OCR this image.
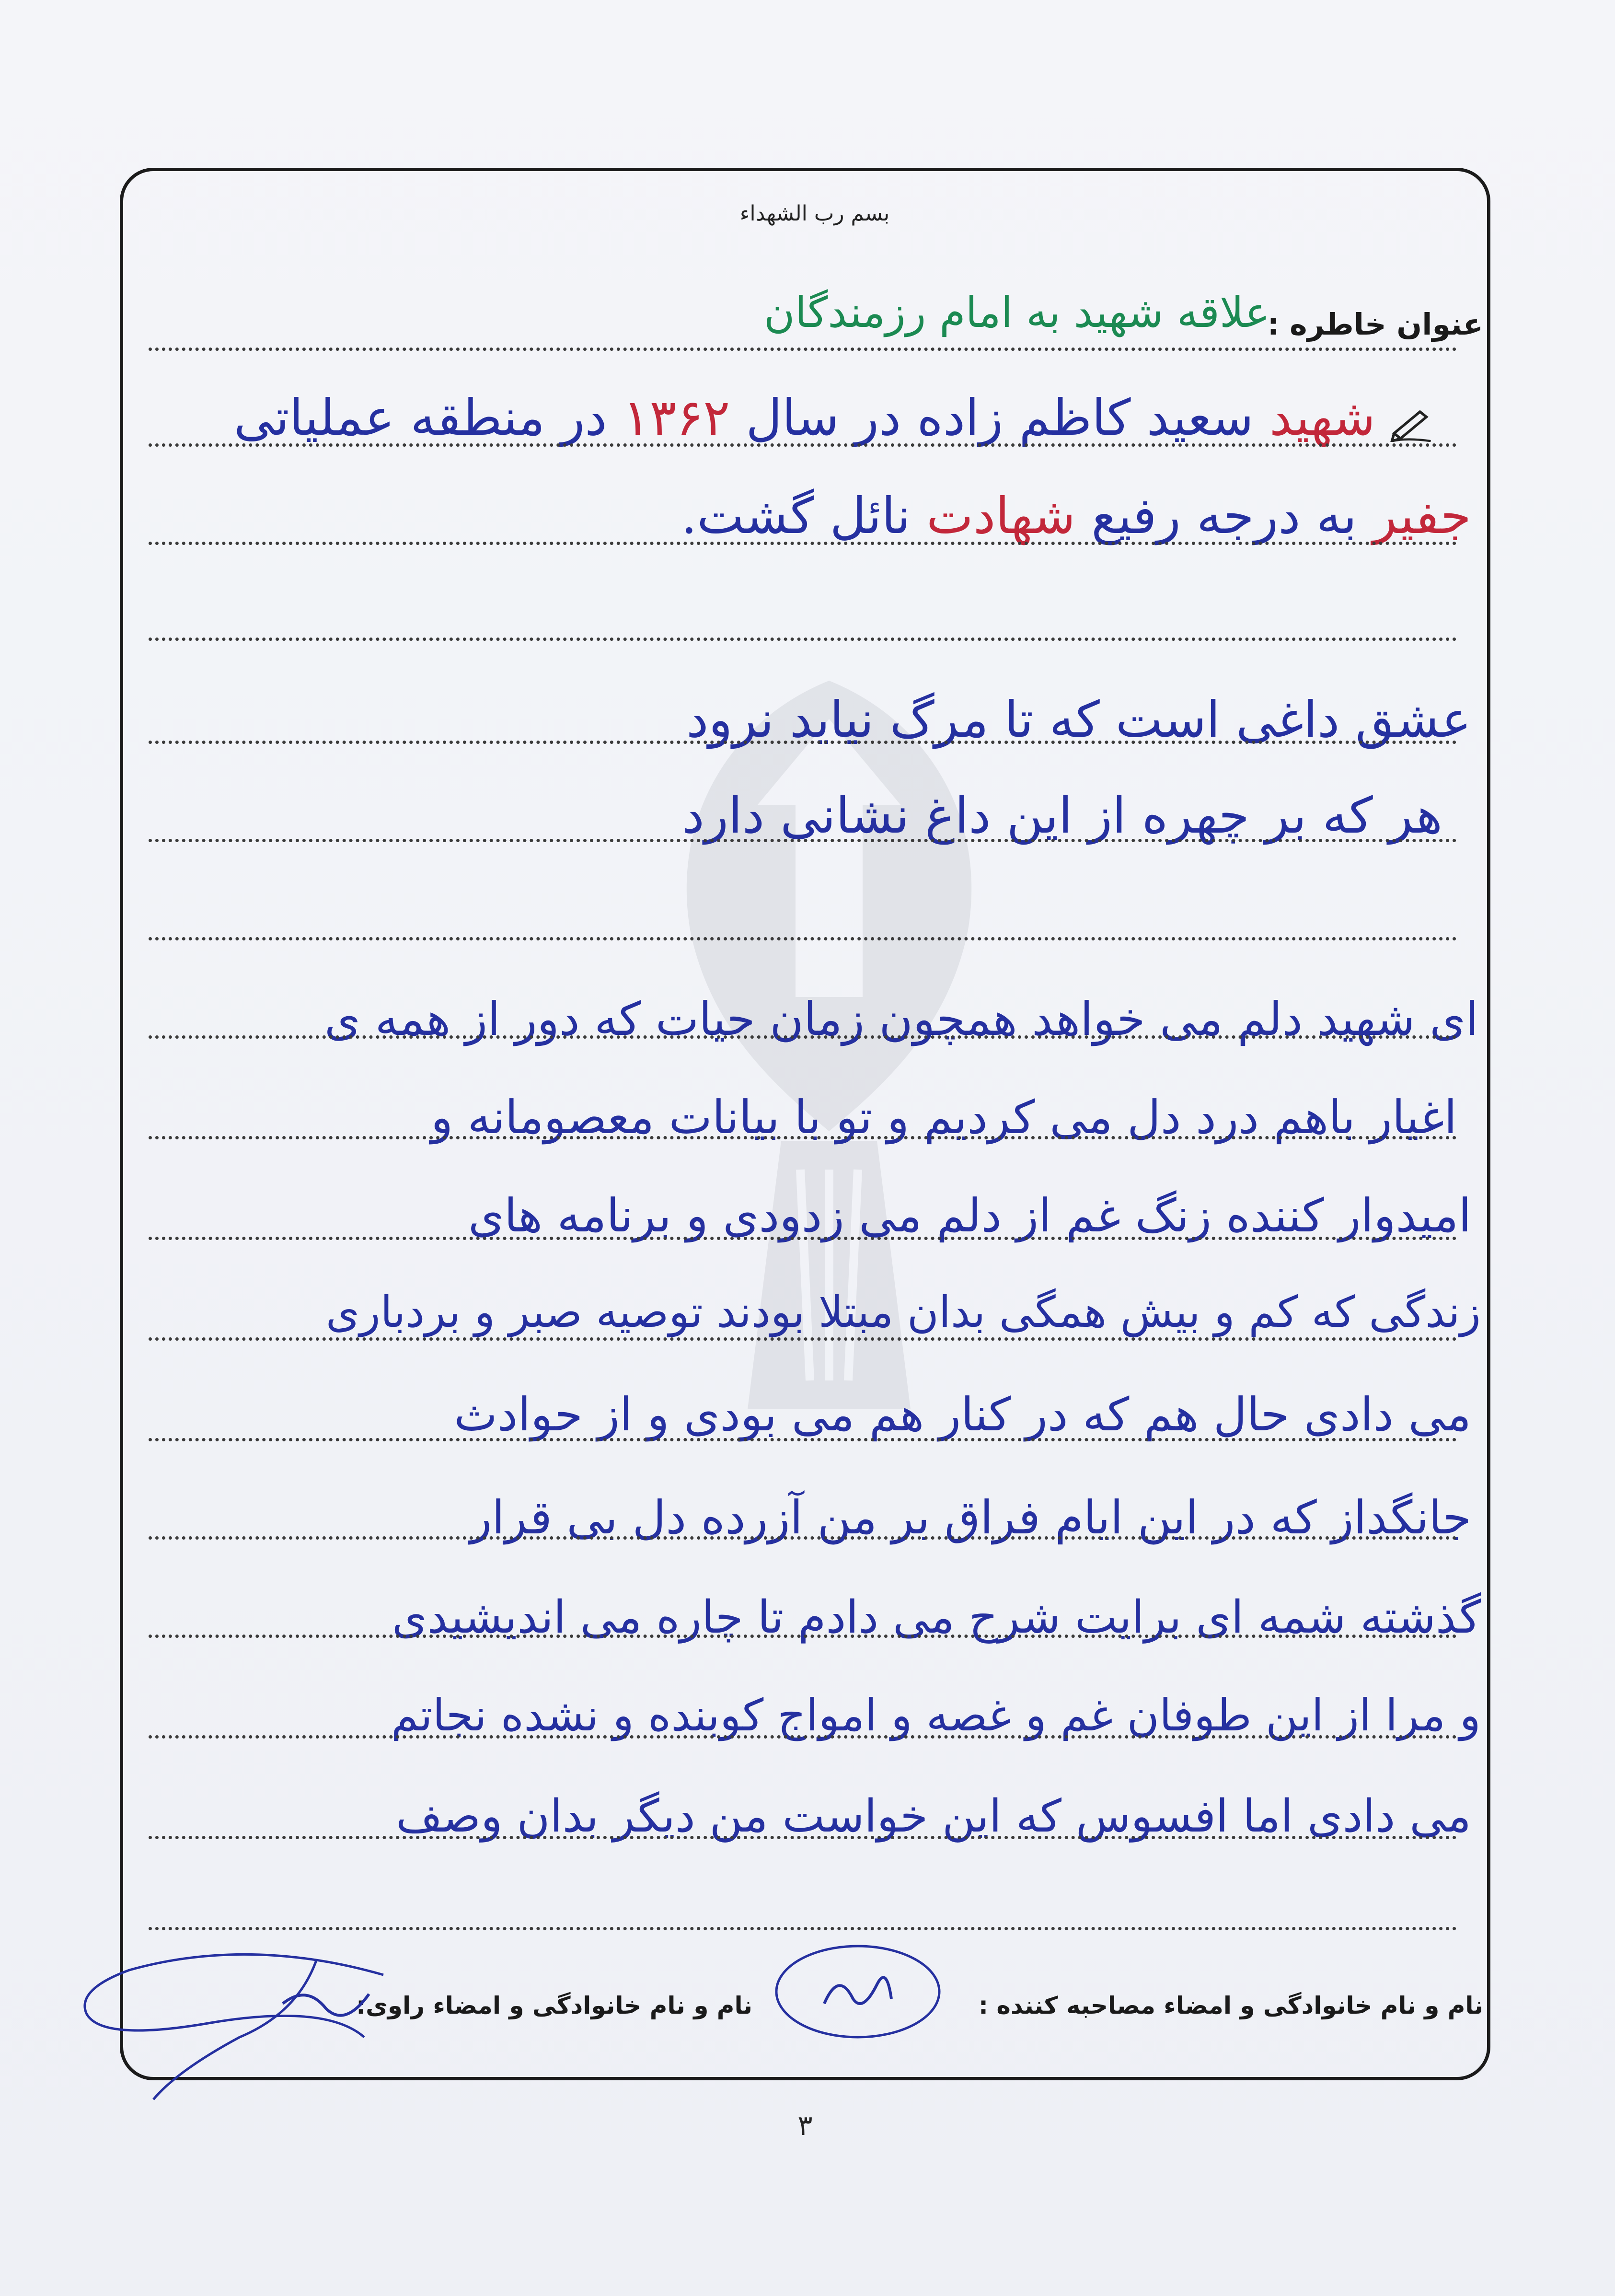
بسم رب الشهداء
عنوان خاطره :
علاقه شهید به امام رزمندگان
شهید سعید کاظم زاده در سال ۱۳۶۲ در منطقه عملیاتی
جفیر به درجه رفیع شهادت نائل گشت.
عشق داغی است که تا مرگ نیاید نرود
هر که بر چهره از این داغ نشانی دارد
ای شهید دلم می خواهد همچون زمان حیات که دور از همه ی
اغیار باهم درد دل می کردیم و تو با بیانات معصومانه و
امیدوار کننده زنگ غم از دلم می زدودی و برنامه های
زندگی که کم و بیش همگی بدان مبتلا بودند توصیه صبر و بردباری
می دادی حال هم که در کنار هم می بودی و از حوادث
جانگداز که در این ایام فراق بر من آزرده دل بی قرار
گذشته شمه ای برایت شرح می دادم تا چاره می اندیشیدی
و مرا از این طوفان غم و غصه و امواج کوبنده و نشده نجاتم
می دادی اما افسوس که این خواست من دیگر بدان وصف
نام و نام خانوادگی و امضاء مصاحبه کننده :
نام و نام خانوادگی و امضاء راوی:
۳
